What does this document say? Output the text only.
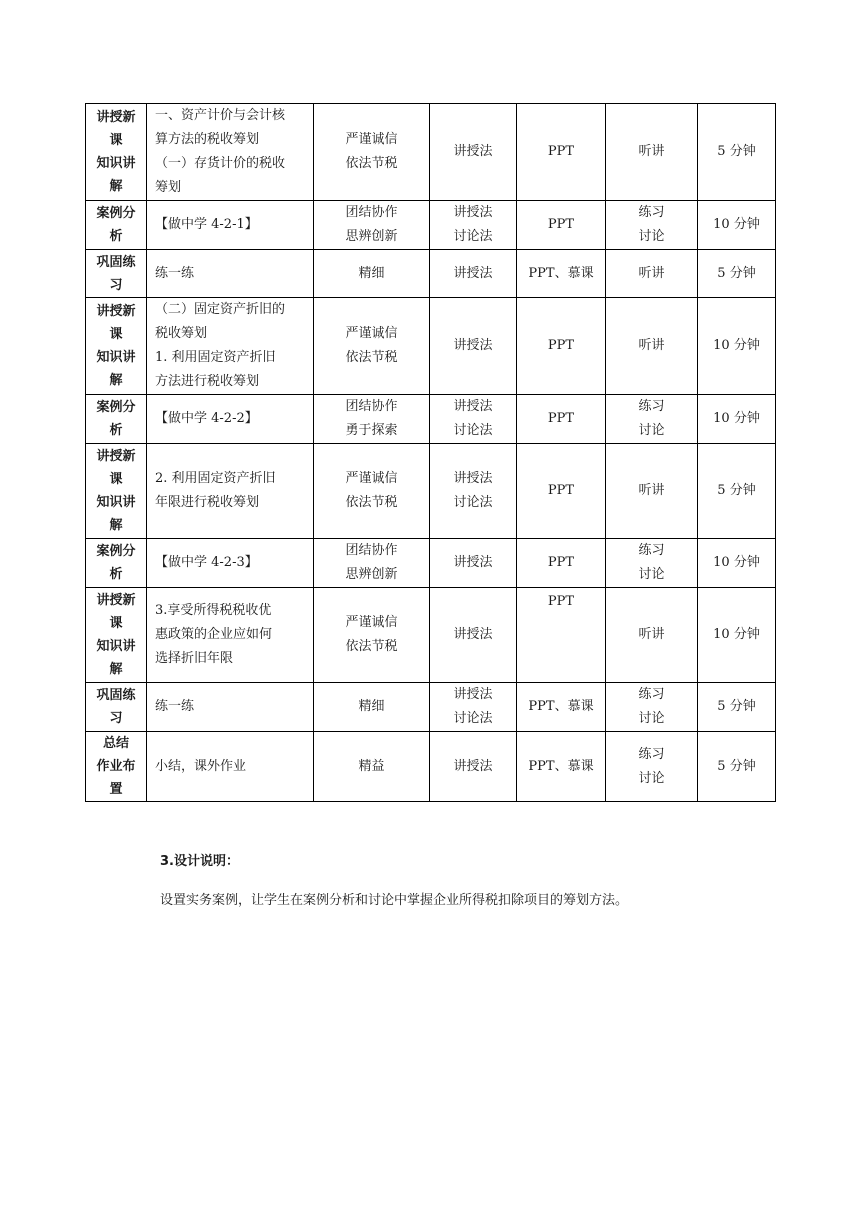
讲授新
课
知识讲
解	一、资产计价与会计核
算方法的税收筹划
（一）存货计价的税收
筹划	严谨诚信
依法节税	讲授法	PPT	听讲	5 分钟

案例分
析	【做中学 4-2-1】	团结协作
思辨创新	讲授法
讨论法	PPT	练习
讨论	10 分钟

巩固练
习	练一练	精细	讲授法	PPT、慕课	听讲	5 分钟

讲授新
课
知识讲
解	（二）固定资产折旧的
税收筹划
1. 利用固定资产折旧
方法进行税收筹划	严谨诚信
依法节税	讲授法	PPT	听讲	10 分钟

案例分
析	【做中学 4-2-2】	团结协作
勇于探索	讲授法
讨论法	PPT	练习
讨论	10 分钟

讲授新
课
知识讲
解	2. 利用固定资产折旧
年限进行税收筹划	严谨诚信
依法节税	讲授法
讨论法	PPT	听讲	5 分钟

案例分
析	【做中学 4-2-3】	团结协作
思辨创新	讲授法	PPT	练习
讨论	10 分钟

讲授新
课
知识讲
解	3.享受所得税税收优
惠政策的企业应如何
选择折旧年限	严谨诚信
依法节税	讲授法	PPT	听讲	10 分钟

巩固练
习	练一练	精细	讲授法
讨论法	PPT、慕课	练习
讨论	5 分钟

总结
作业布
置	小结，课外作业	精益	讲授法	PPT、慕课	练习
讨论	5 分钟
3.设计说明：
设置实务案例，让学生在案例分析和讨论中掌握企业所得税扣除项目的筹划方法。
